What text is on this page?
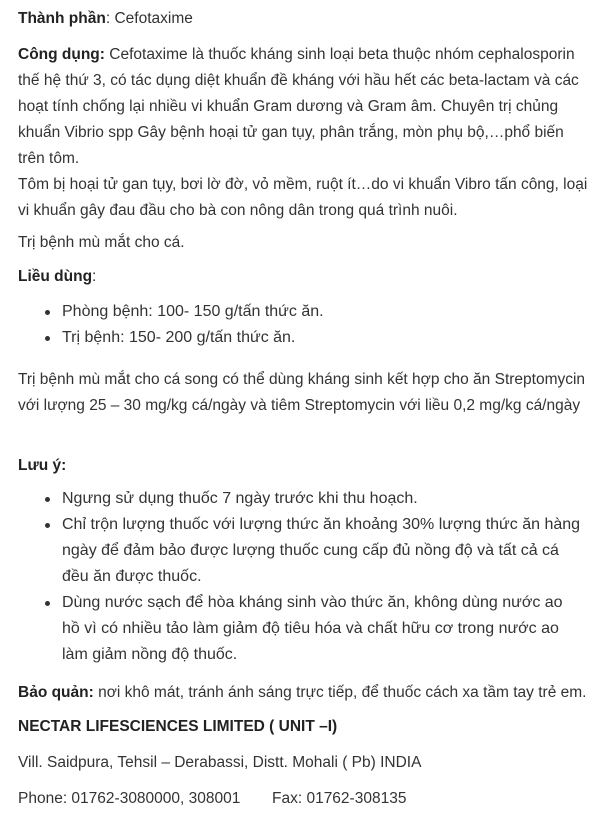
Thành phần: Cefotaxime

Công dụng: Cefotaxime là thuốc kháng sinh loại beta thuộc nhóm cephalosporin thế hệ thứ 3, có tác dụng diệt khuẩn đề kháng với hầu hết các beta-lactam và các hoạt tính chống lại nhiều vi khuẩn Gram dương và Gram âm. Chuyên trị chủng khuẩn Vibrio spp Gây bệnh hoại tử gan tụy, phân trắng, mòn phụ bộ,…phổ biến trên tôm.

Tôm bị hoại tử gan tụy, bơi lờ đờ, vỏ mềm, ruột ít…do vi khuẩn Vibro tấn công, loại vi khuẩn gây đau đầu cho bà con nông dân trong quá trình nuôi.

Trị bệnh mù mắt cho cá.

Liều dùng:

Phòng bệnh: 100- 150 g/tấn thức ăn.
Trị bệnh: 150- 200 g/tấn thức ăn.

Trị bệnh mù mắt cho cá song có thể dùng kháng sinh kết hợp cho ăn Streptomycin với lượng 25 – 30 mg/kg cá/ngày và tiêm Streptomycin với liều 0,2 mg/kg cá/ngày

Lưu ý:

Ngưng sử dụng thuốc 7 ngày trước khi thu hoạch.
Chỉ trộn lượng thuốc với lượng thức ăn khoảng 30% lượng thức ăn hàng ngày để đảm bảo được lượng thuốc cung cấp đủ nồng độ và tất cả cá đều ăn được thuốc.
Dùng nước sạch để hòa kháng sinh vào thức ăn, không dùng nước ao hồ vì có nhiều tảo làm giảm độ tiêu hóa và chất hữu cơ trong nước ao làm giảm nồng độ thuốc.

Bảo quản: nơi khô mát, tránh ánh sáng trực tiếp, để thuốc cách xa tầm tay trẻ em.

NECTAR LIFESCIENCES LIMITED ( UNIT –I)

Vill. Saidpura, Tehsil – Derabassi, Distt. Mohali ( Pb) INDIA

Phone: 01762-3080000, 308001 Fax: 01762-308135
